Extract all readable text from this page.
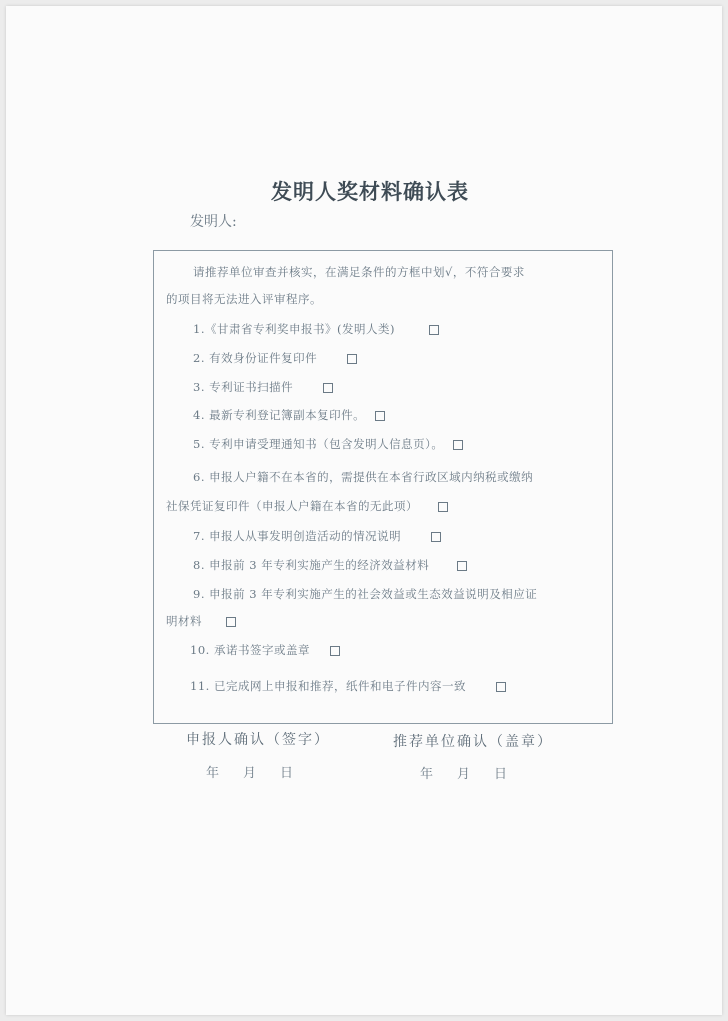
发明人奖材料确认表
发明人:
请推荐单位审查并核实，在满足条件的方框中划√，不符合要求
的项目将无法进入评审程序。
1.《甘肃省专利奖申报书》(发明人类)
2. 有效身份证件复印件
3. 专利证书扫描件
4. 最新专利登记簿副本复印件。
5. 专利申请受理通知书（包含发明人信息页）。
6. 申报人户籍不在本省的，需提供在本省行政区域内纳税或缴纳
社保凭证复印件（申报人户籍在本省的无此项）
7. 申报人从事发明创造活动的情况说明
8. 申报前 3 年专利实施产生的经济效益材料
9. 申报前 3 年专利实施产生的社会效益或生态效益说明及相应证
明材料
10. 承诺书签字或盖章
11. 已完成网上申报和推荐，纸件和电子件内容一致
申报人确认（签字）	推荐单位确认（盖章）
年 月 日	年 月 日
